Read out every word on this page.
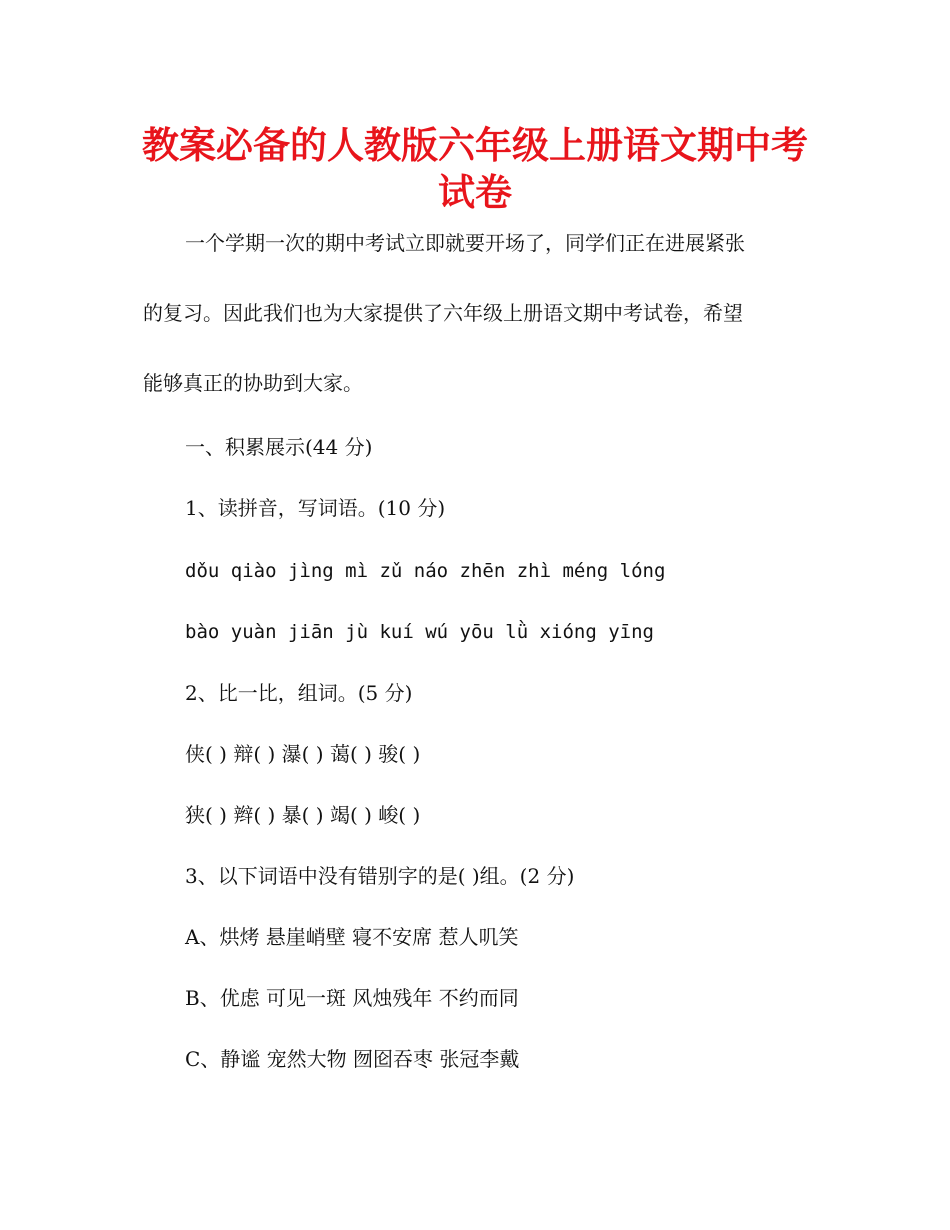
教案必备的人教版六年级上册语文期中考
试卷

一个学期一次的期中考试立即就要开场了，同学们正在进展紧张

的复习。因此我们也为大家提供了六年级上册语文期中考试卷，希望

能够真正的协助到大家。

一、积累展示(44 分)

1、读拼音，写词语。(10 分)

dǒu qiào jìng mì zǔ náo zhēn zhì méng lóng

bào yuàn jiān jù kuí wú yōu lǜ xióng yīng

2、比一比，组词。(5 分)

侠( ) 辩( ) 瀑( ) 蔼( ) 骏( )

狭( ) 辫( ) 暴( ) 竭( ) 峻( )

3、以下词语中没有错别字的是( )组。(2 分)

A、烘烤 悬崖峭壁 寝不安席 惹人叽笑

B、优虑 可见一斑 风烛残年 不约而同

C、静谧 宠然大物 囫囵吞枣 张冠李戴
